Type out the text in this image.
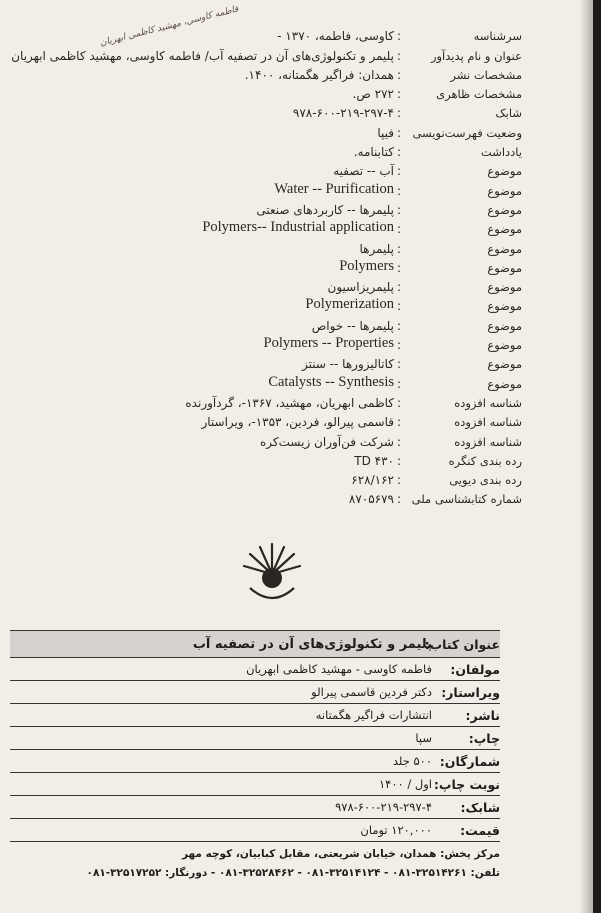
فاطمه کاوسی، مهشید کاظمی ابهریان	سرشناسه
:
کاوسی، فاطمه، ۱۳۷۰ -
عنوان و نام پدیدآور
:
پلیمر و تکنولوژی‌های آن در تصفیه آب/ فاطمه کاوسی، مهشید کاظمی ابهریان
مشخصات نشر
:
همدان: فراگیر هگمتانه، ۱۴۰۰.
مشخصات ظاهری
:
۲۷۲ ص.
شابک
:
۹۷۸-۶۰۰-۲۱۹-۲۹۷-۴
وضعیت فهرست‌نویسی
:
فیپا
یادداشت
:
کتابنامه.
موضوع
:
آب -- تصفیه
موضوع
:
Water -- Purification
موضوع
:
پلیمرها -- کاربردهای صنعتی
موضوع
:
Polymers-- Industrial application
موضوع
:
پلیمرها
موضوع
:
Polymers
موضوع
:
پلیمریزاسیون
موضوع
:
Polymerization
موضوع
:
پلیمرها -- خواص
موضوع
:
Polymers -- Properties
موضوع
:
کاتالیزورها -- سنتز
موضوع
:
Catalysts -- Synthesis
شناسه افزوده
:
کاظمی ابهریان، مهشید، ۱۳۶۷-، گردآورنده
شناسه افزوده
:
قاسمی پیرالو، فردین، ۱۳۵۳-، ویراستار
شناسه افزوده
:
شرکت فن‌آوران زیست‌کره
رده بندی کنگره
:
TD ۴۳۰
رده بندی دیویی
:
۶۲۸/۱۶۲
شماره کتابشناسی ملی
:
۸۷۰۵۶۷۹
عنوان کتاب:
پلیمر و تکنولوژی‌های آن در تصفیه آب
مولفان:
فاطمه کاوسی - مهشید کاظمی ابهریان
ویراستار:
دکتر فردین قاسمی پیرالو
ناشر:
انتشارات فراگیر هگمتانه
چاپ:
سپا
شمارگان:
۵۰۰ جلد
نوبت چاپ:
اول / ۱۴۰۰
شابک:
۹۷۸-۶۰۰-۲۱۹-۲۹۷-۴
قیمت:
۱۲۰,۰۰۰ تومان
مرکز پخش: همدان، خیابان شریعتی، مقابل کبابیان، کوچه مهر
تلفن: ۳۲۵۱۴۲۶۱-۰۸۱ - ۳۲۵۱۴۱۲۴-۰۸۱ - ۳۲۵۲۸۴۶۲-۰۸۱ - دورنگار: ۳۲۵۱۷۲۵۲-۰۸۱
